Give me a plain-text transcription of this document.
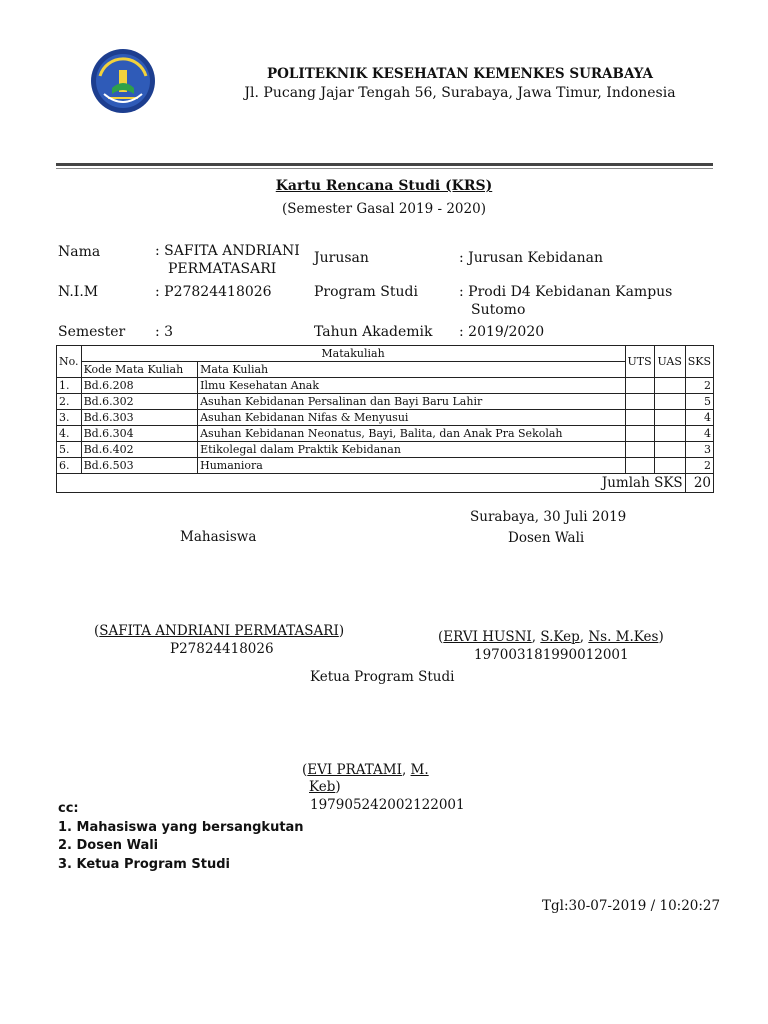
POLITEKNIK KESEHATAN KEMENKES SURABAYA
Jl. Pucang Jajar Tengah 56, Surabaya, Jawa Timur, Indonesia
Kartu Rencana Studi (KRS)
(Semester Gasal 2019 - 2020)
Nama	: SAFITA ANDRIANI
PERMATASARI
N.I.M	: P27824418026
Semester : 3
Jurusan	: Jurusan Kebidanan
Program Studi	: Prodi D4 Kebidanan Kampus
Sutomo
Tahun Akademik : 2019/2020
No.	Matakuliah		UTS	UAS	SKS
	Kode Mata Kuliah	Mata Kuliah			
1.	Bd.6.208	Ilmu Kesehatan Anak			2
2.	Bd.6.302	Asuhan Kebidanan Persalinan dan Bayi Baru Lahir			5
3.	Bd.6.303	Asuhan Kebidanan Nifas & Menyusui			4
4.	Bd.6.304	Asuhan Kebidanan Neonatus, Bayi, Balita, dan Anak Pra Sekolah			4
5.	Bd.6.402	Etikolegal dalam Praktik Kebidanan			3
6.	Bd.6.503	Humaniora			2
Jumlah SKS					20
Surabaya, 30 Juli 2019
Mahasiswa	Dosen Wali
(SAFITA ANDRIANI PERMATASARI)
P27824418026
(ERVI HUSNI, S.Kep, Ns. M.Kes)
197003181990012001
Ketua Program Studi
(EVI PRATAMI, M.
Keb)
197905242002122001
cc:
1. Mahasiswa yang bersangkutan
2. Dosen Wali
3. Ketua Program Studi
Tgl:30-07-2019 / 10:20:27
